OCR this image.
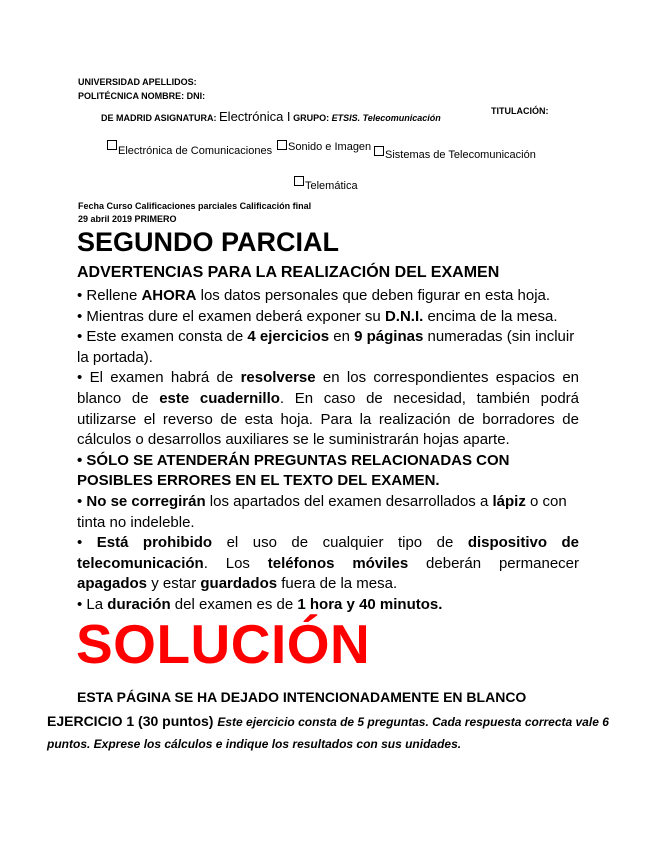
UNIVERSIDAD APELLIDOS:
POLITÉCNICA NOMBRE: DNI:
TITULACIÓN:
DE MADRID ASIGNATURA: Electrónica I GRUPO: ETSIS. Telecomunicación
Electrónica de Comunicaciones	Sonido e Imagen
Sistemas de Telecomunicación
Telemática
Fecha Curso Calificaciones parciales Calificación final
29 abril 2019 PRIMERO
SEGUNDO PARCIAL
ADVERTENCIAS PARA LA REALIZACIÓN DEL EXAMEN

• Rellene AHORA los datos personales que deben figurar en esta hoja.

• Mientras dure el examen deberá exponer su D.N.I. encima de la mesa.

• Este examen consta de 4 ejercicios en 9 páginas numeradas (sin incluir la portada).

• El examen habrá de resolverse en los correspondientes espacios en blanco de este cuadernillo. En caso de necesidad, también podrá utilizarse el reverso de esta hoja. Para la realización de borradores de cálculos o desarrollos auxiliares se le suministrarán hojas aparte.

• SÓLO SE ATENDERÁN PREGUNTAS RELACIONADAS CON POSIBLES ERRORES EN EL TEXTO DEL EXAMEN.

• No se corregirán los apartados del examen desarrollados a lápiz o con tinta no indeleble.

• Está prohibido el uso de cualquier tipo de dispositivo de telecomunicación. Los teléfonos móviles deberán permanecer apagados y estar guardados fuera de la mesa.

• La duración del examen es de 1 hora y 40 minutos.

SOLUCIÓN
ESTA PÁGINA SE HA DEJADO INTENCIONADAMENTE EN BLANCO
EJERCICIO 1 (30 puntos) Este ejercicio consta de 5 preguntas. Cada respuesta correcta vale 6 puntos. Exprese los cálculos e indique los resultados con sus unidades.
